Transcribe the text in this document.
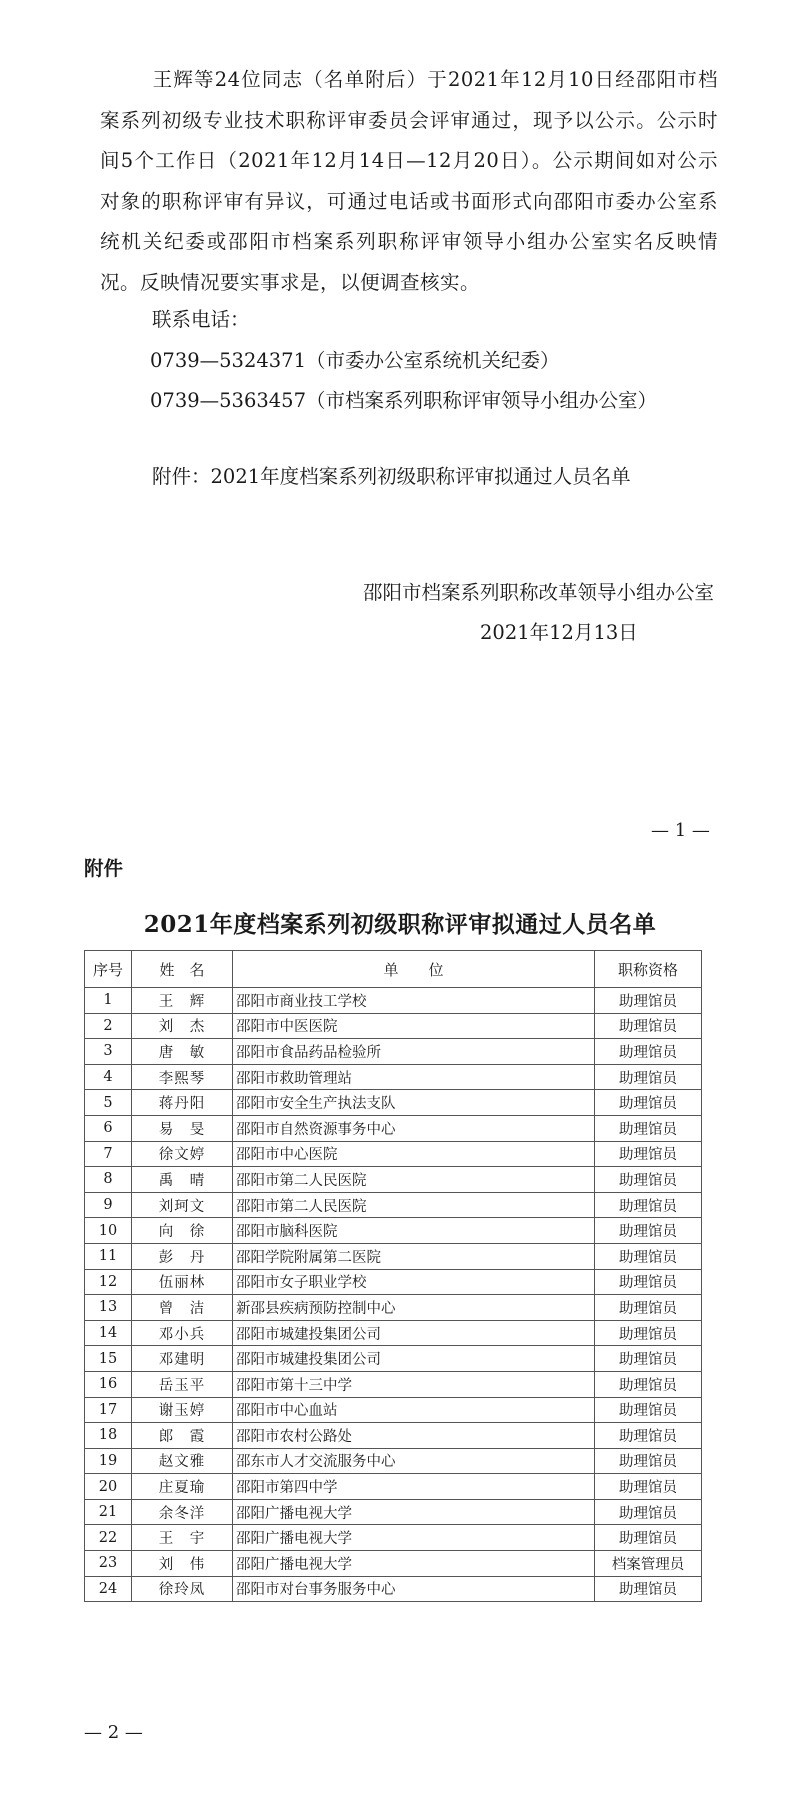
王辉等24位同志（名单附后）于2021年12月10日经邵阳市档案系列初级专业技术职称评审委员会评审通过，现予以公示。公示时间5个工作日（2021年12月14日—12月20日）。公示期间如对公示对象的职称评审有异议，可通过电话或书面形式向邵阳市委办公室系统机关纪委或邵阳市档案系列职称评审领导小组办公室实名反映情况。反映情况要实事求是，以便调查核实。

联系电话：
0739—5324371（市委办公室系统机关纪委）
0739—5363457（市档案系列职称评审领导小组办公室）
附件：2021年度档案系列初级职称评审拟通过人员名单
邵阳市档案系列职称改革领导小组办公室
2021年12月13日
— 1 —
附件
2021年度档案系列初级职称评审拟通过人员名单
序号	姓　名	单　　位	职称资格
1	王　辉	邵阳市商业技工学校	助理馆员
2	刘　杰	邵阳市中医医院	助理馆员
3	唐　敏	邵阳市食品药品检验所	助理馆员
4	李熙琴	邵阳市救助管理站	助理馆员
5	蒋丹阳	邵阳市安全生产执法支队	助理馆员
6	易　旻	邵阳市自然资源事务中心	助理馆员
7	徐文婷	邵阳市中心医院	助理馆员
8	禹　晴	邵阳市第二人民医院	助理馆员
9	刘珂文	邵阳市第二人民医院	助理馆员
10	向　徐	邵阳市脑科医院	助理馆员
11	彭　丹	邵阳学院附属第二医院	助理馆员
12	伍丽林	邵阳市女子职业学校	助理馆员
13	曾　洁	新邵县疾病预防控制中心	助理馆员
14	邓小兵	邵阳市城建投集团公司	助理馆员
15	邓建明	邵阳市城建投集团公司	助理馆员
16	岳玉平	邵阳市第十三中学	助理馆员
17	谢玉婷	邵阳市中心血站	助理馆员
18	郎　霞	邵阳市农村公路处	助理馆员
19	赵文雅	邵东市人才交流服务中心	助理馆员
20	庄夏瑜	邵阳市第四中学	助理馆员
21	余冬洋	邵阳广播电视大学	助理馆员
22	王　宇	邵阳广播电视大学	助理馆员
23	刘　伟	邵阳广播电视大学	档案管理员
24	徐玲凤	邵阳市对台事务服务中心	助理馆员
— 2 —
